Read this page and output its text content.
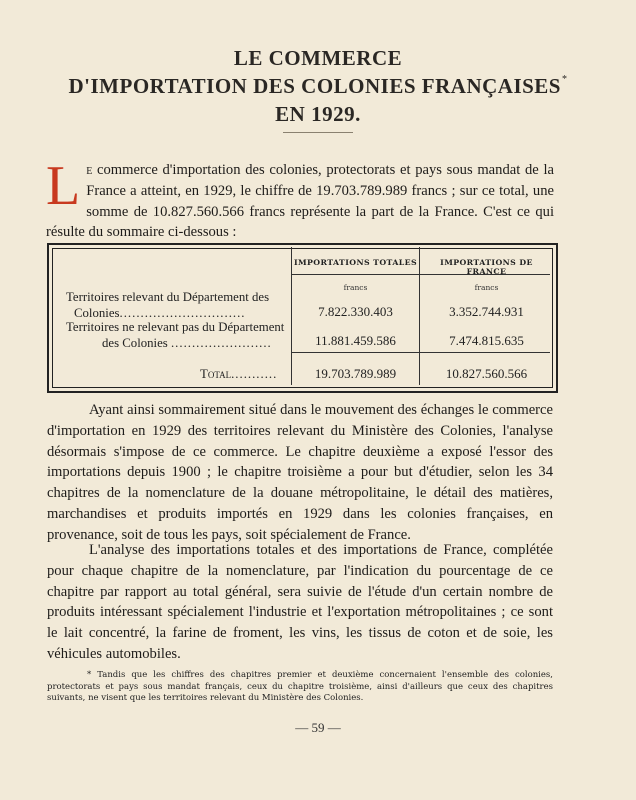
LE COMMERCE
D'IMPORTATION DES COLONIES FRANÇAISES*
EN 1929.
Le commerce d'importation des colonies, protectorats et pays sous mandat de la France a atteint, en 1929, le chiffre de 19.703.789.989 francs ; sur ce total, une somme de 10.827.560.566 francs représente la part de la France. C'est ce qui résulte du sommaire ci-dessous :
IMPORTATIONS TOTALES	IMPORTATIONS DE FRANCE
francs	francs
Territoires relevant du Département des
Colonies..............................	7.822.330.403	3.352.744.931
Territoires ne relevant pas du Département
des Colonies ........................	11.881.459.586	7.474.815.635
Total...........	19.703.789.989	10.827.560.566
Ayant ainsi sommairement situé dans le mouvement des échanges le commerce d'importation en 1929 des territoires relevant du Ministère des Colonies, l'analyse désormais s'impose de ce commerce. Le chapitre deuxième a exposé l'essor des importations depuis 1900 ; le chapitre troisième a pour but d'étudier, selon les 34 chapitres de la nomenclature de la douane métropolitaine, le détail des matières, marchandises et produits importés en 1929 dans les colonies françaises, en provenance, soit de tous les pays, soit spécialement de France.
L'analyse des importations totales et des importations de France, complétée pour chaque chapitre de la nomenclature, par l'indication du pourcentage de ce chapitre par rapport au total général, sera suivie de l'étude d'un certain nombre de produits intéressant spécialement l'industrie et l'exportation métropolitaines ; ce sont le lait concentré, la farine de froment, les vins, les tissus de coton et de soie, les véhicules automobiles.
* Tandis que les chiffres des chapitres premier et deuxième concernaient l'ensemble des colonies, protectorats et pays sous mandat français, ceux du chapitre troisième, ainsi d'ailleurs que ceux des chapitres suivants, ne visent que les territoires relevant du Ministère des Colonies.
— 59 —
